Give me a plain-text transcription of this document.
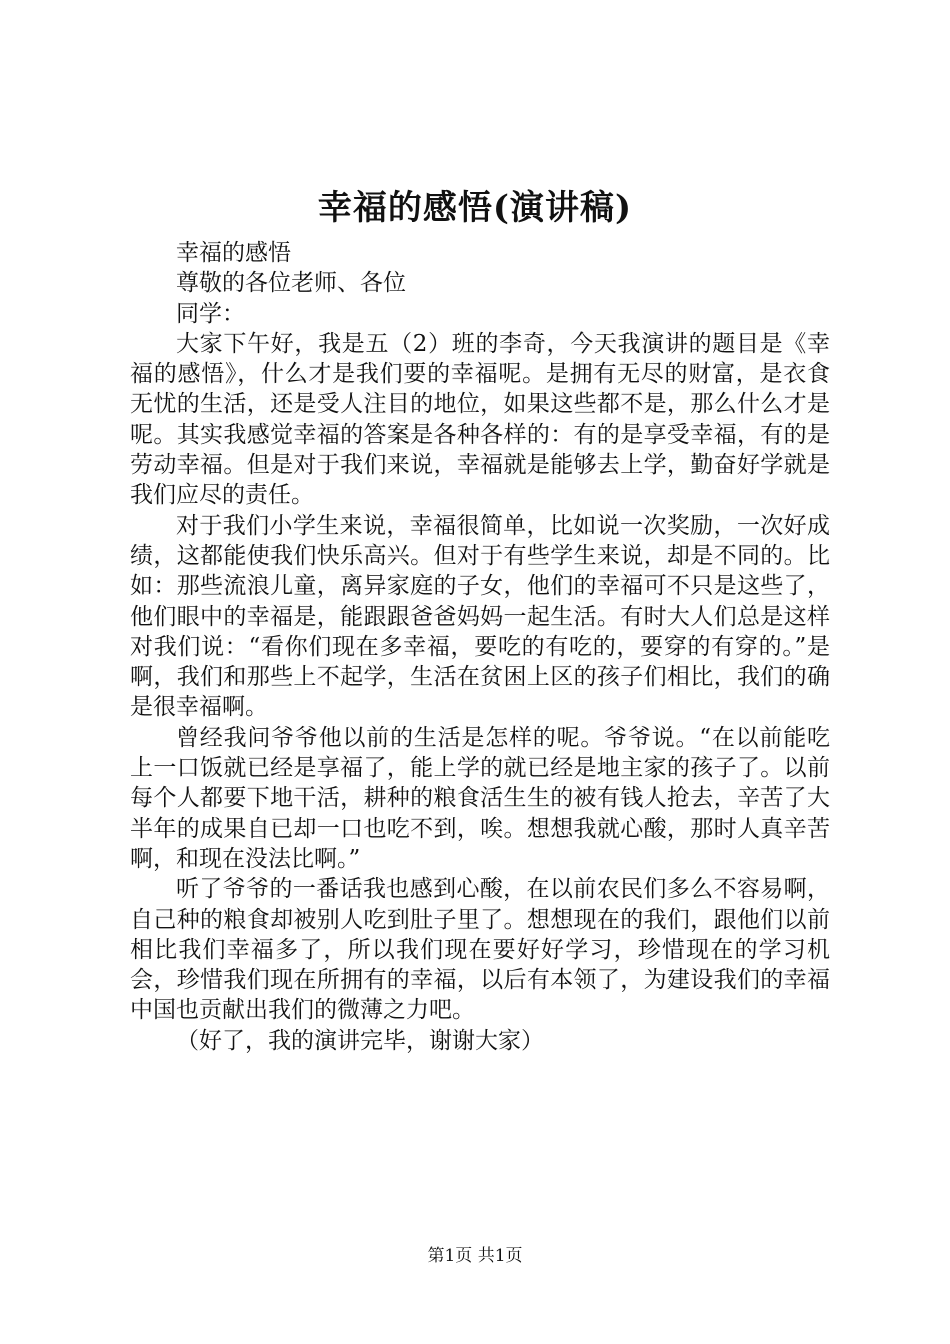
幸福的感悟(演讲稿)

幸福的感悟

尊敬的各位老师、各位

同学：

大家下午好，我是五（2）班的李奇，今天我演讲的题目是《幸福的感悟》，什么才是我们要的幸福呢。是拥有无尽的财富，是衣食无忧的生活，还是受人注目的地位，如果这些都不是，那么什么才是呢。其实我感觉幸福的答案是各种各样的：有的是享受幸福，有的是劳动幸福。但是对于我们来说，幸福就是能够去上学，勤奋好学就是我们应尽的责任。

对于我们小学生来说，幸福很简单，比如说一次奖励，一次好成绩，这都能使我们快乐高兴。但对于有些学生来说，却是不同的。比如：那些流浪儿童，离异家庭的子女，他们的幸福可不只是这些了，他们眼中的幸福是，能跟跟爸爸妈妈一起生活。有时大人们总是这样对我们说：“看你们现在多幸福，要吃的有吃的，要穿的有穿的。”是啊，我们和那些上不起学，生活在贫困上区的孩子们相比，我们的确是很幸福啊。

曾经我问爷爷他以前的生活是怎样的呢。爷爷说。“在以前能吃上一口饭就已经是享福了，能上学的就已经是地主家的孩子了。以前每个人都要下地干活，耕种的粮食活生生的被有钱人抢去，辛苦了大半年的成果自已却一口也吃不到，唉。想想我就心酸，那时人真辛苦啊，和现在没法比啊。”

听了爷爷的一番话我也感到心酸，在以前农民们多么不容易啊，自己种的粮食却被别人吃到肚子里了。想想现在的我们，跟他们以前相比我们幸福多了，所以我们现在要好好学习，珍惜现在的学习机会，珍惜我们现在所拥有的幸福，以后有本领了，为建设我们的幸福中国也贡献出我们的微薄之力吧。

（好了，我的演讲完毕，谢谢大家）

第1页 共1页
